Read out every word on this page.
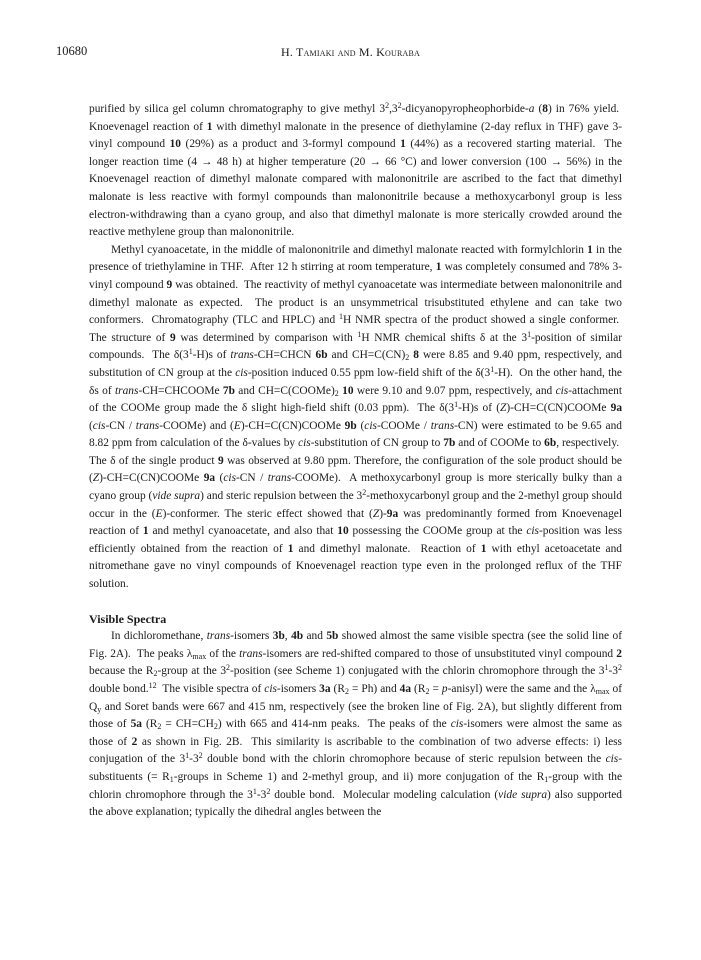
10680	H. Tamiaki and M. Kouraba

purified by silica gel column chromatography to give methyl $3^2,3^2-dicyanopyropheophorbide-a$ (8) in 76% yield.  Knoevenagel reaction of 1 with dimethyl malonate in the presence of diethylamine (2-day reflux in THF) gave 3-vinyl compound 10 (29%) as a product and 3-formyl compound 1 (44%) as a recovered starting material.  The longer reaction time (4 → 48 h) at higher temperature (20 → 66 °C) and lower conversion (100 → 56%) in the Knoevenagel reaction of dimethyl malonate compared with malononitrile are ascribed to the fact that dimethyl malonate is less reactive with formyl compounds than malononitrile because a methoxycarbonyl group is less electron-withdrawing than a cyano group, and also that dimethyl malonate is more sterically crowded around the reactive methylene group than malononitrile.

Methyl cyanoacetate, in the middle of malononitrile and dimethyl malonate reacted with formylchlorin 1 in the presence of triethylamine in THF.  After 12 h stirring at room temperature, 1 was completely consumed and 78% 3-vinyl compound 9 was obtained.  The reactivity of methyl cyanoacetate was intermediate between malononitrile and dimethyl malonate as expected.  The product is an unsymmetrical trisubstituted ethylene and can take two conformers.  Chromatography (TLC and HPLC) and $^1$H NMR spectra of the product showed a single conformer.  The structure of 9 was determined by comparison with $^1$H NMR chemical shifts δ at the $3^1$-position of similar compounds.  The $\delta(3^1-H)s$ of trans-CH=CHCN 6b and $CH=C(CN)_2$ 8 were 8.85 and 9.40 ppm, respectively, and substitution of CN group at the cis-position induced 0.55 ppm low-field shift of the $\delta(3^1-H)$.  On the other hand, the δs of trans-CH=CHCOOMe 7b and $CH=C(COOMe)_2$ 10 were 9.10 and 9.07 ppm, respectively, and cis-attachment of the COOMe group made the δ slight high-field shift (0.03 ppm).  The $\delta(3^1-H)s$ of (Z)-CH=C(CN)COOMe 9a (cis-CN / trans-COOMe) and (E)-CH=C(CN)COOMe 9b (cis-COOMe / trans-CN) were estimated to be 9.65 and 8.82 ppm from calculation of the δ-values by cis-substitution of CN group to 7b and of COOMe to 6b, respectively.  The δ of the single product 9 was observed at 9.80 ppm. Therefore, the configuration of the sole product should be (Z)-CH=C(CN)COOMe 9a (cis-CN / trans-COOMe).  A methoxycarbonyl group is more sterically bulky than a cyano group (vide supra) and steric repulsion between the $3^2$-methoxycarbonyl group and the 2-methyl group should occur in the (E)-conformer. The steric effect showed that (Z)-9a was predominantly formed from Knoevenagel reaction of 1 and methyl cyanoacetate, and also that 10 possessing the COOMe group at the cis-position was less efficiently obtained from the reaction of 1 and dimethyl malonate.  Reaction of 1 with ethyl acetoacetate and nitromethane gave no vinyl compounds of Knoevenagel reaction type even in the prolonged reflux of the THF solution.

Visible Spectra

In dichloromethane, trans-isomers 3b, 4b and 5b showed almost the same visible spectra (see the solid line of Fig. 2A).  The peaks $\lambda_{max}$ of the trans-isomers are red-shifted compared to those of unsubstituted vinyl compound 2 because the $R_2$-group at the $3^2$-position (see Scheme 1) conjugated with the chlorin chromophore through the $3^1-3^2$ double bond.$^{12}$  The visible spectra of cis-isomers 3a $(R_2 = Ph)$ and 4a ($R_2$ = p-anisyl) were the same and the $\lambda_{max}$ of $Q_y$ and Soret bands were 667 and 415 nm, respectively (see the broken line of Fig. 2A), but slightly different from those of 5a $(R_2 = CH=CH_2)$ with 665 and 414-nm peaks.  The peaks of the cis-isomers were almost the same as those of 2 as shown in Fig. 2B.  This similarity is ascribable to the combination of two adverse effects: i) less conjugation of the $3^1-3^2$ double bond with the chlorin chromophore because of steric repulsion between the cis-substituents (= $R_1$-groups in Scheme 1) and 2-methyl group, and ii) more conjugation of the $R_1$-group with the chlorin chromophore through the $3^1-3^2$ double bond.  Molecular modeling calculation (vide supra) also supported the above explanation; typically the dihedral angles between the
